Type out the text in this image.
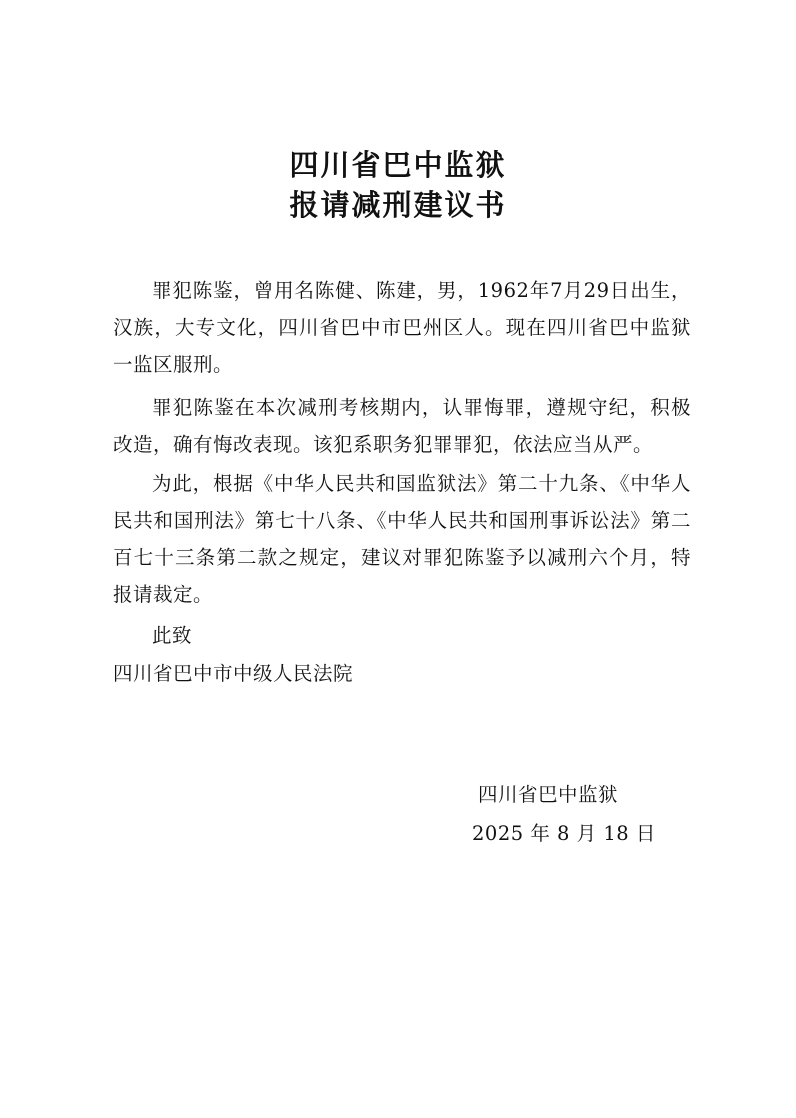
四川省巴中监狱
报请减刑建议书
罪犯陈鉴，曾用名陈健、陈建，男，1962年7月29日出生，汉族，大专文化，四川省巴中市巴州区人。现在四川省巴中监狱一监区服刑。
罪犯陈鉴在本次减刑考核期内，认罪悔罪，遵规守纪，积极改造，确有悔改表现。该犯系职务犯罪罪犯，依法应当从严。
为此，根据《中华人民共和国监狱法》第二十九条、《中华人民共和国刑法》第七十八条、《中华人民共和国刑事诉讼法》第二百七十三条第二款之规定，建议对罪犯陈鉴予以减刑六个月，特报请裁定。
此致
四川省巴中市中级人民法院
四川省巴中监狱
2025 年 8 月 18 日
